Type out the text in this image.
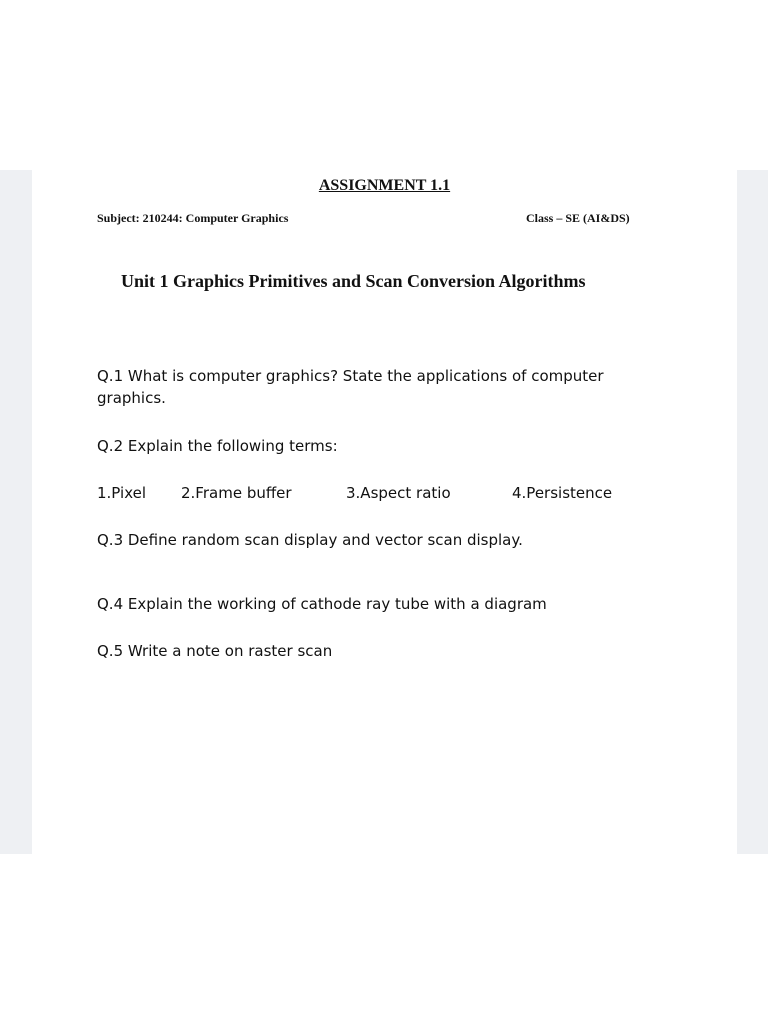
ASSIGNMENT 1.1
Subject: 210244: Computer Graphics	Class – SE (AI&DS)
Unit 1 Graphics Primitives and Scan Conversion Algorithms
Q.1 What is computer graphics? State the applications of computer graphics.
Q.2 Explain the following terms:
1.Pixel 2.Frame buffer	3.Aspect ratio	4.Persistence
Q.3 Define random scan display and vector scan display.
Q.4 Explain the working of cathode ray tube with a diagram
Q.5 Write a note on raster scan
